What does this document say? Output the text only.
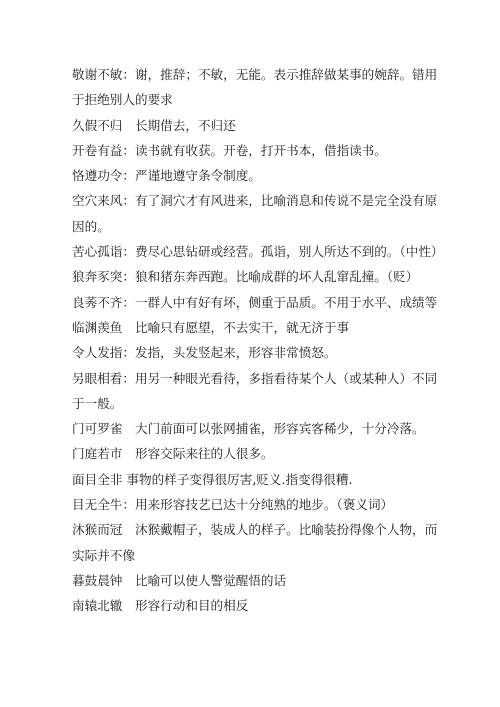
敬谢不敏：谢，推辞；不敏，无能。表示推辞做某事的婉辞。错用于拒绝别人的要求

久假不归　长期借去，不归还

开卷有益：读书就有收获。开卷，打开书本，借指读书。

恪遵功令：严谨地遵守条令制度。

空穴来风：有了洞穴才有风进来，比喻消息和传说不是完全没有原因的。

苦心孤诣：费尽心思钻研或经营。孤诣，别人所达不到的。（中性）

狼奔豕突：狼和猪东奔西跑。比喻成群的坏人乱窜乱撞。（贬）

良莠不齐：一群人中有好有坏，侧重于品质。不用于水平、成绩等

临渊羡鱼　比喻只有愿望，不去实干，就无济于事

令人发指：发指，头发竖起来，形容非常愤怒。

另眼相看：用另一种眼光看待，多指看待某个人（或某种人）不同于一般。

门可罗雀　大门前面可以张网捕雀，形容宾客稀少，十分冷落。

门庭若市　形容交际来往的人很多。

面目全非 事物的样子变得很厉害,贬义.指变得很糟.

目无全牛：用来形容技艺已达十分纯熟的地步。（褒义词）

沐猴而冠　沐猴戴帽子，装成人的样子。比喻装扮得像个人物，而实际并不像

暮鼓晨钟　比喻可以使人警觉醒悟的话

南辕北辙　形容行动和目的相反
